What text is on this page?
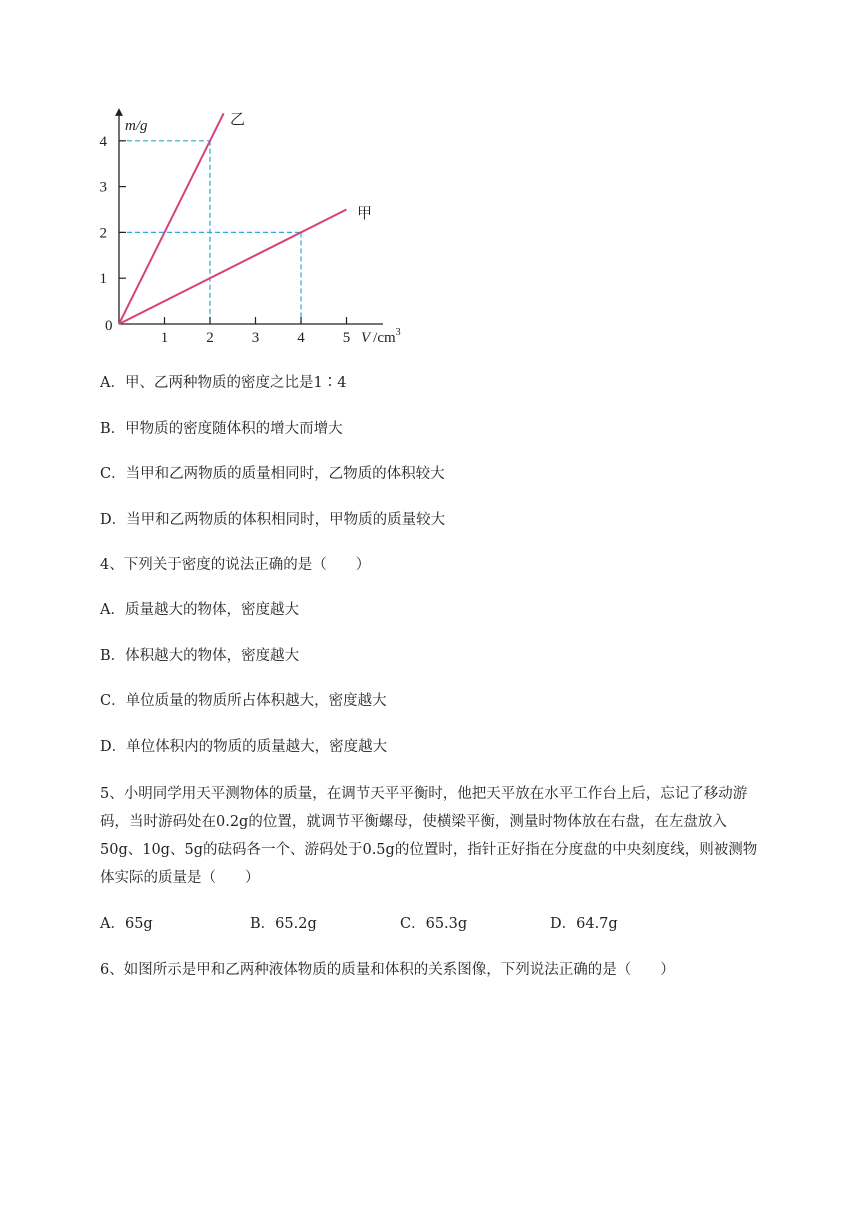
1	2	3	4	5
1
2
3
4
0
m/g
V $/cm^3$
甲
乙
A．甲、乙两种物质的密度之比是1∶4
B．甲物质的密度随体积的增大而增大
C．当甲和乙两物质的质量相同时，乙物质的体积较大
D．当甲和乙两物质的体积相同时，甲物质的质量较大
4、下列关于密度的说法正确的是（　　）
A．质量越大的物体，密度越大
B．体积越大的物体，密度越大
C．单位质量的物质所占体积越大，密度越大
D．单位体积内的物质的质量越大，密度越大
5、小明同学用天平测物体的质量，在调节天平平衡时，他把天平放在水平工作台上后，忘记了移动游码，当时游码处在0.2g的位置，就调节平衡螺母，使横梁平衡，测量时物体放在右盘，在左盘放入50g、10g、5g的砝码各一个、游码处于0.5g的位置时，指针正好指在分度盘的中央刻度线，则被测物体实际的质量是（　　）
A．65g	B．65.2g	C．65.3g	D．64.7g
6、如图所示是甲和乙两种液体物质的质量和体积的关系图像，下列说法正确的是（　　）
